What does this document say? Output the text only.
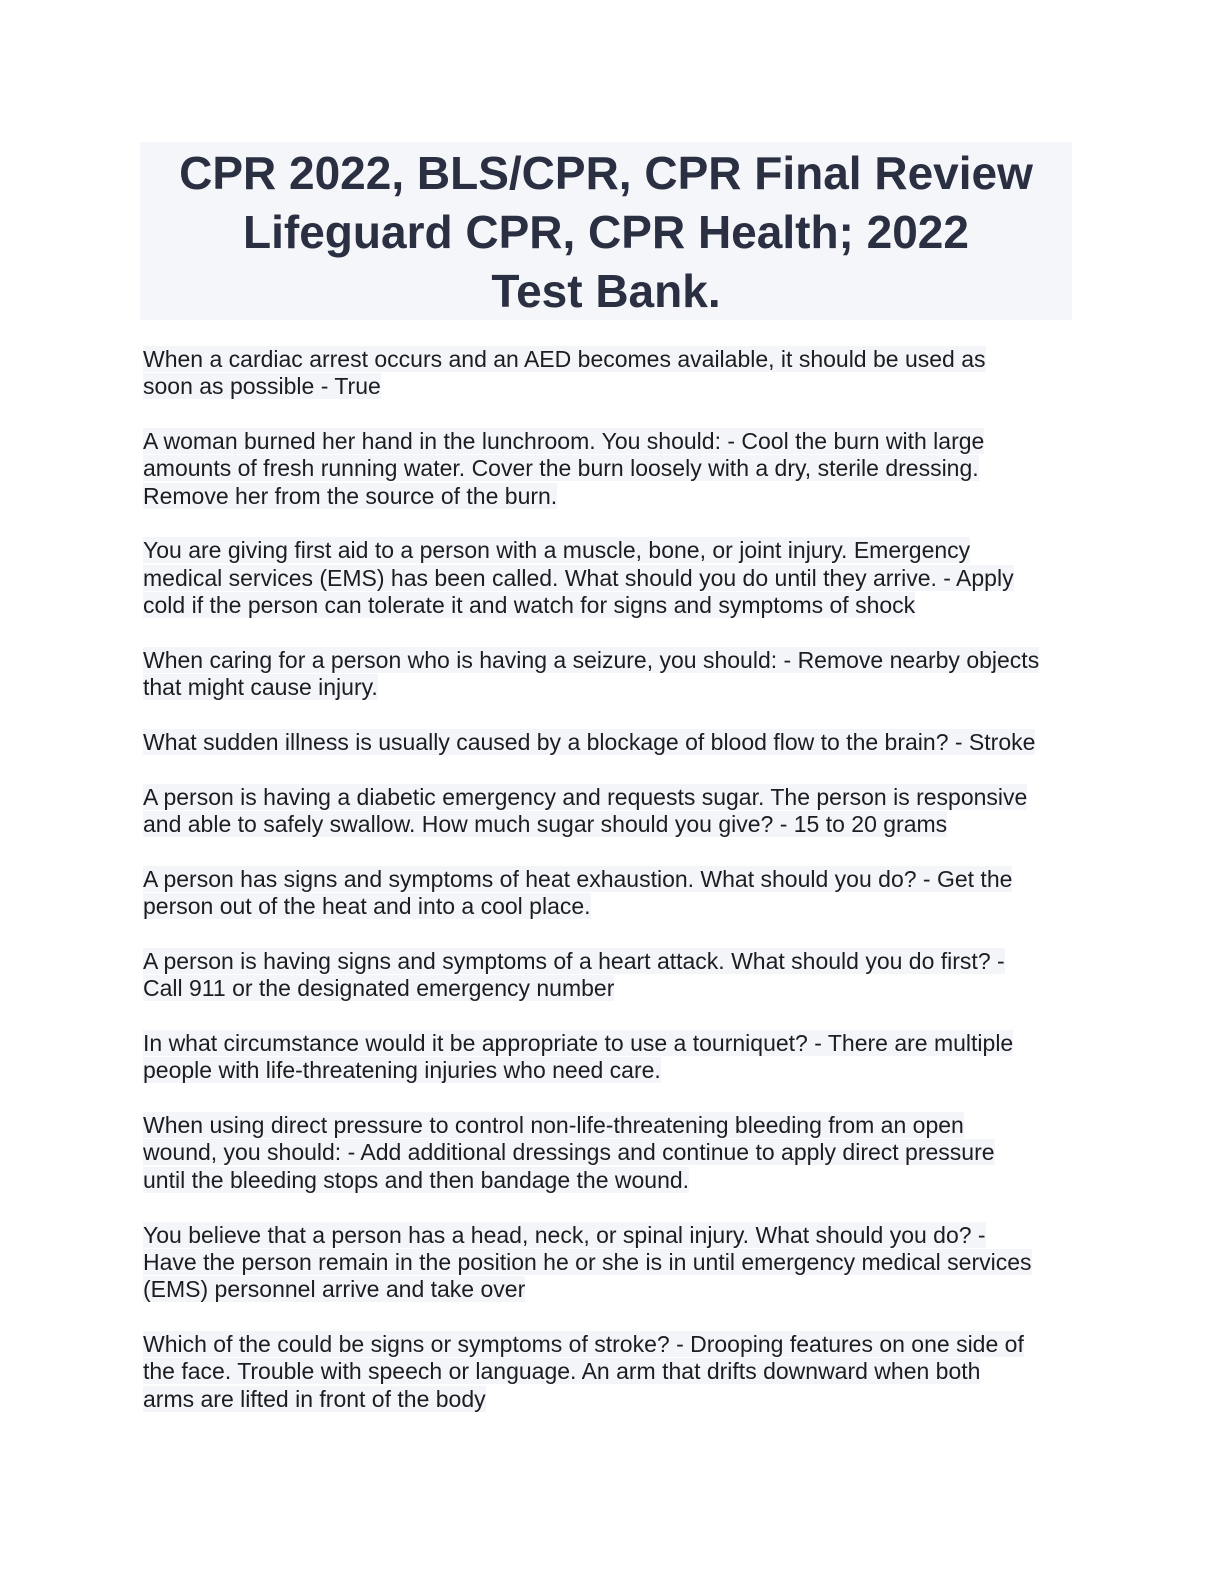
CPR 2022, BLS/CPR, CPR Final Review
Lifeguard CPR, CPR Health; 2022
Test Bank.
When a cardiac arrest occurs and an AED becomes available, it should be used as
soon as possible - True
A woman burned her hand in the lunchroom. You should: - Cool the burn with large
amounts of fresh running water. Cover the burn loosely with a dry, sterile dressing.
Remove her from the source of the burn.
You are giving first aid to a person with a muscle, bone, or joint injury. Emergency
medical services (EMS) has been called. What should you do until they arrive. - Apply
cold if the person can tolerate it and watch for signs and symptoms of shock
When caring for a person who is having a seizure, you should: - Remove nearby objects
that might cause injury.
What sudden illness is usually caused by a blockage of blood flow to the brain? - Stroke
A person is having a diabetic emergency and requests sugar. The person is responsive
and able to safely swallow. How much sugar should you give? - 15 to 20 grams
A person has signs and symptoms of heat exhaustion. What should you do? - Get the
person out of the heat and into a cool place.
A person is having signs and symptoms of a heart attack. What should you do first? -
Call 911 or the designated emergency number
In what circumstance would it be appropriate to use a tourniquet? - There are multiple
people with life-threatening injuries who need care.
When using direct pressure to control non-life-threatening bleeding from an open
wound, you should: - Add additional dressings and continue to apply direct pressure
until the bleeding stops and then bandage the wound.
You believe that a person has a head, neck, or spinal injury. What should you do? -
Have the person remain in the position he or she is in until emergency medical services
(EMS) personnel arrive and take over
Which of the could be signs or symptoms of stroke? - Drooping features on one side of
the face. Trouble with speech or language. An arm that drifts downward when both
arms are lifted in front of the body
